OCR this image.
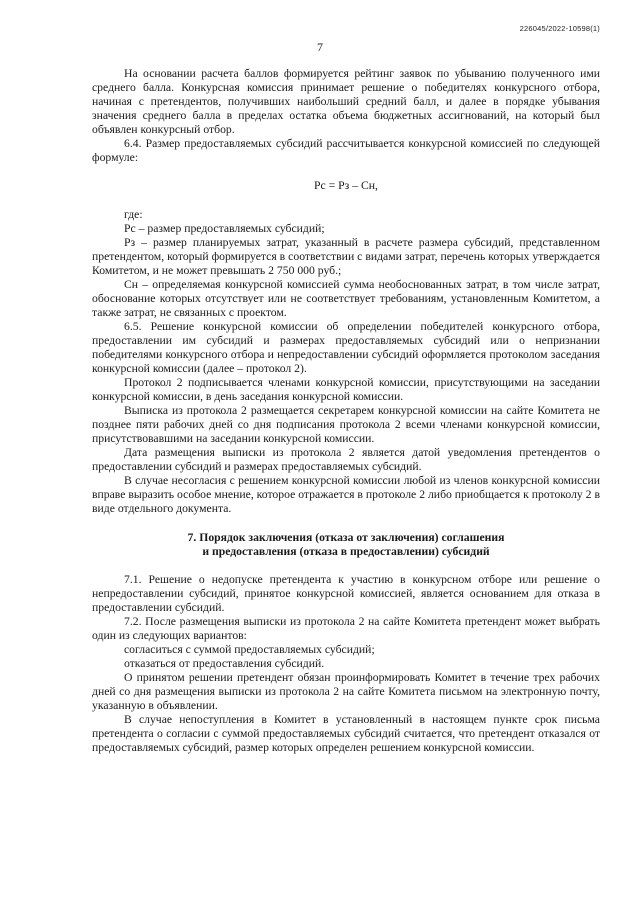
226045/2022-10598(1)
7

На основании расчета баллов формируется рейтинг заявок по убыванию полученного ими среднего балла. Конкурсная комиссия принимает решение о победителях конкурсного отбора, начиная с претендентов, получивших наибольший средний балл, и далее в порядке убывания значения среднего балла в пределах остатка объема бюджетных ассигнований, на который был объявлен конкурсный отбор.

6.4. Размер предоставляемых субсидий рассчитывается конкурсной комиссией по следующей формуле:

Рс = Рз – Сн,

где:

Рс – размер предоставляемых субсидий;

Рз – размер планируемых затрат, указанный в расчете размера субсидий, представленном претендентом, который формируется в соответствии с видами затрат, перечень которых утверждается Комитетом, и не может превышать 2 750 000 руб.;

Сн – определяемая конкурсной комиссией сумма необоснованных затрат, в том числе затрат, обоснование которых отсутствует или не соответствует требованиям, установленным Комитетом, а также затрат, не связанных с проектом.

6.5. Решение конкурсной комиссии об определении победителей конкурсного отбора, предоставлении им субсидий и размерах предоставляемых субсидий или о непризнании победителями конкурсного отбора и непредоставлении субсидий оформляется протоколом заседания конкурсной комиссии (далее – протокол 2).

Протокол 2 подписывается членами конкурсной комиссии, присутствующими на заседании конкурсной комиссии, в день заседания конкурсной комиссии.

Выписка из протокола 2 размещается секретарем конкурсной комиссии на сайте Комитета не позднее пяти рабочих дней со дня подписания протокола 2 всеми членами конкурсной комиссии, присутствовавшими на заседании конкурсной комиссии.

Дата размещения выписки из протокола 2 является датой уведомления претендентов о предоставлении субсидий и размерах предоставляемых субсидий.

В случае несогласия с решением конкурсной комиссии любой из членов конкурсной комиссии вправе выразить особое мнение, которое отражается в протоколе 2 либо приобщается к протоколу 2 в виде отдельного документа.

7. Порядок заключения (отказа от заключения) соглашения
и предоставления (отказа в предоставлении) субсидий

7.1. Решение о недопуске претендента к участию в конкурсном отборе или решение о непредоставлении субсидий, принятое конкурсной комиссией, является основанием для отказа в предоставлении субсидий.

7.2. После размещения выписки из протокола 2 на сайте Комитета претендент может выбрать один из следующих вариантов:

согласиться с суммой предоставляемых субсидий;

отказаться от предоставления субсидий.

О принятом решении претендент обязан проинформировать Комитет в течение трех рабочих дней со дня размещения выписки из протокола 2 на сайте Комитета письмом на электронную почту, указанную в объявлении.

В случае непоступления в Комитет в установленный в настоящем пункте срок письма претендента о согласии с суммой предоставляемых субсидий считается, что претендент отказался от предоставляемых субсидий, размер которых определен решением конкурсной комиссии.
